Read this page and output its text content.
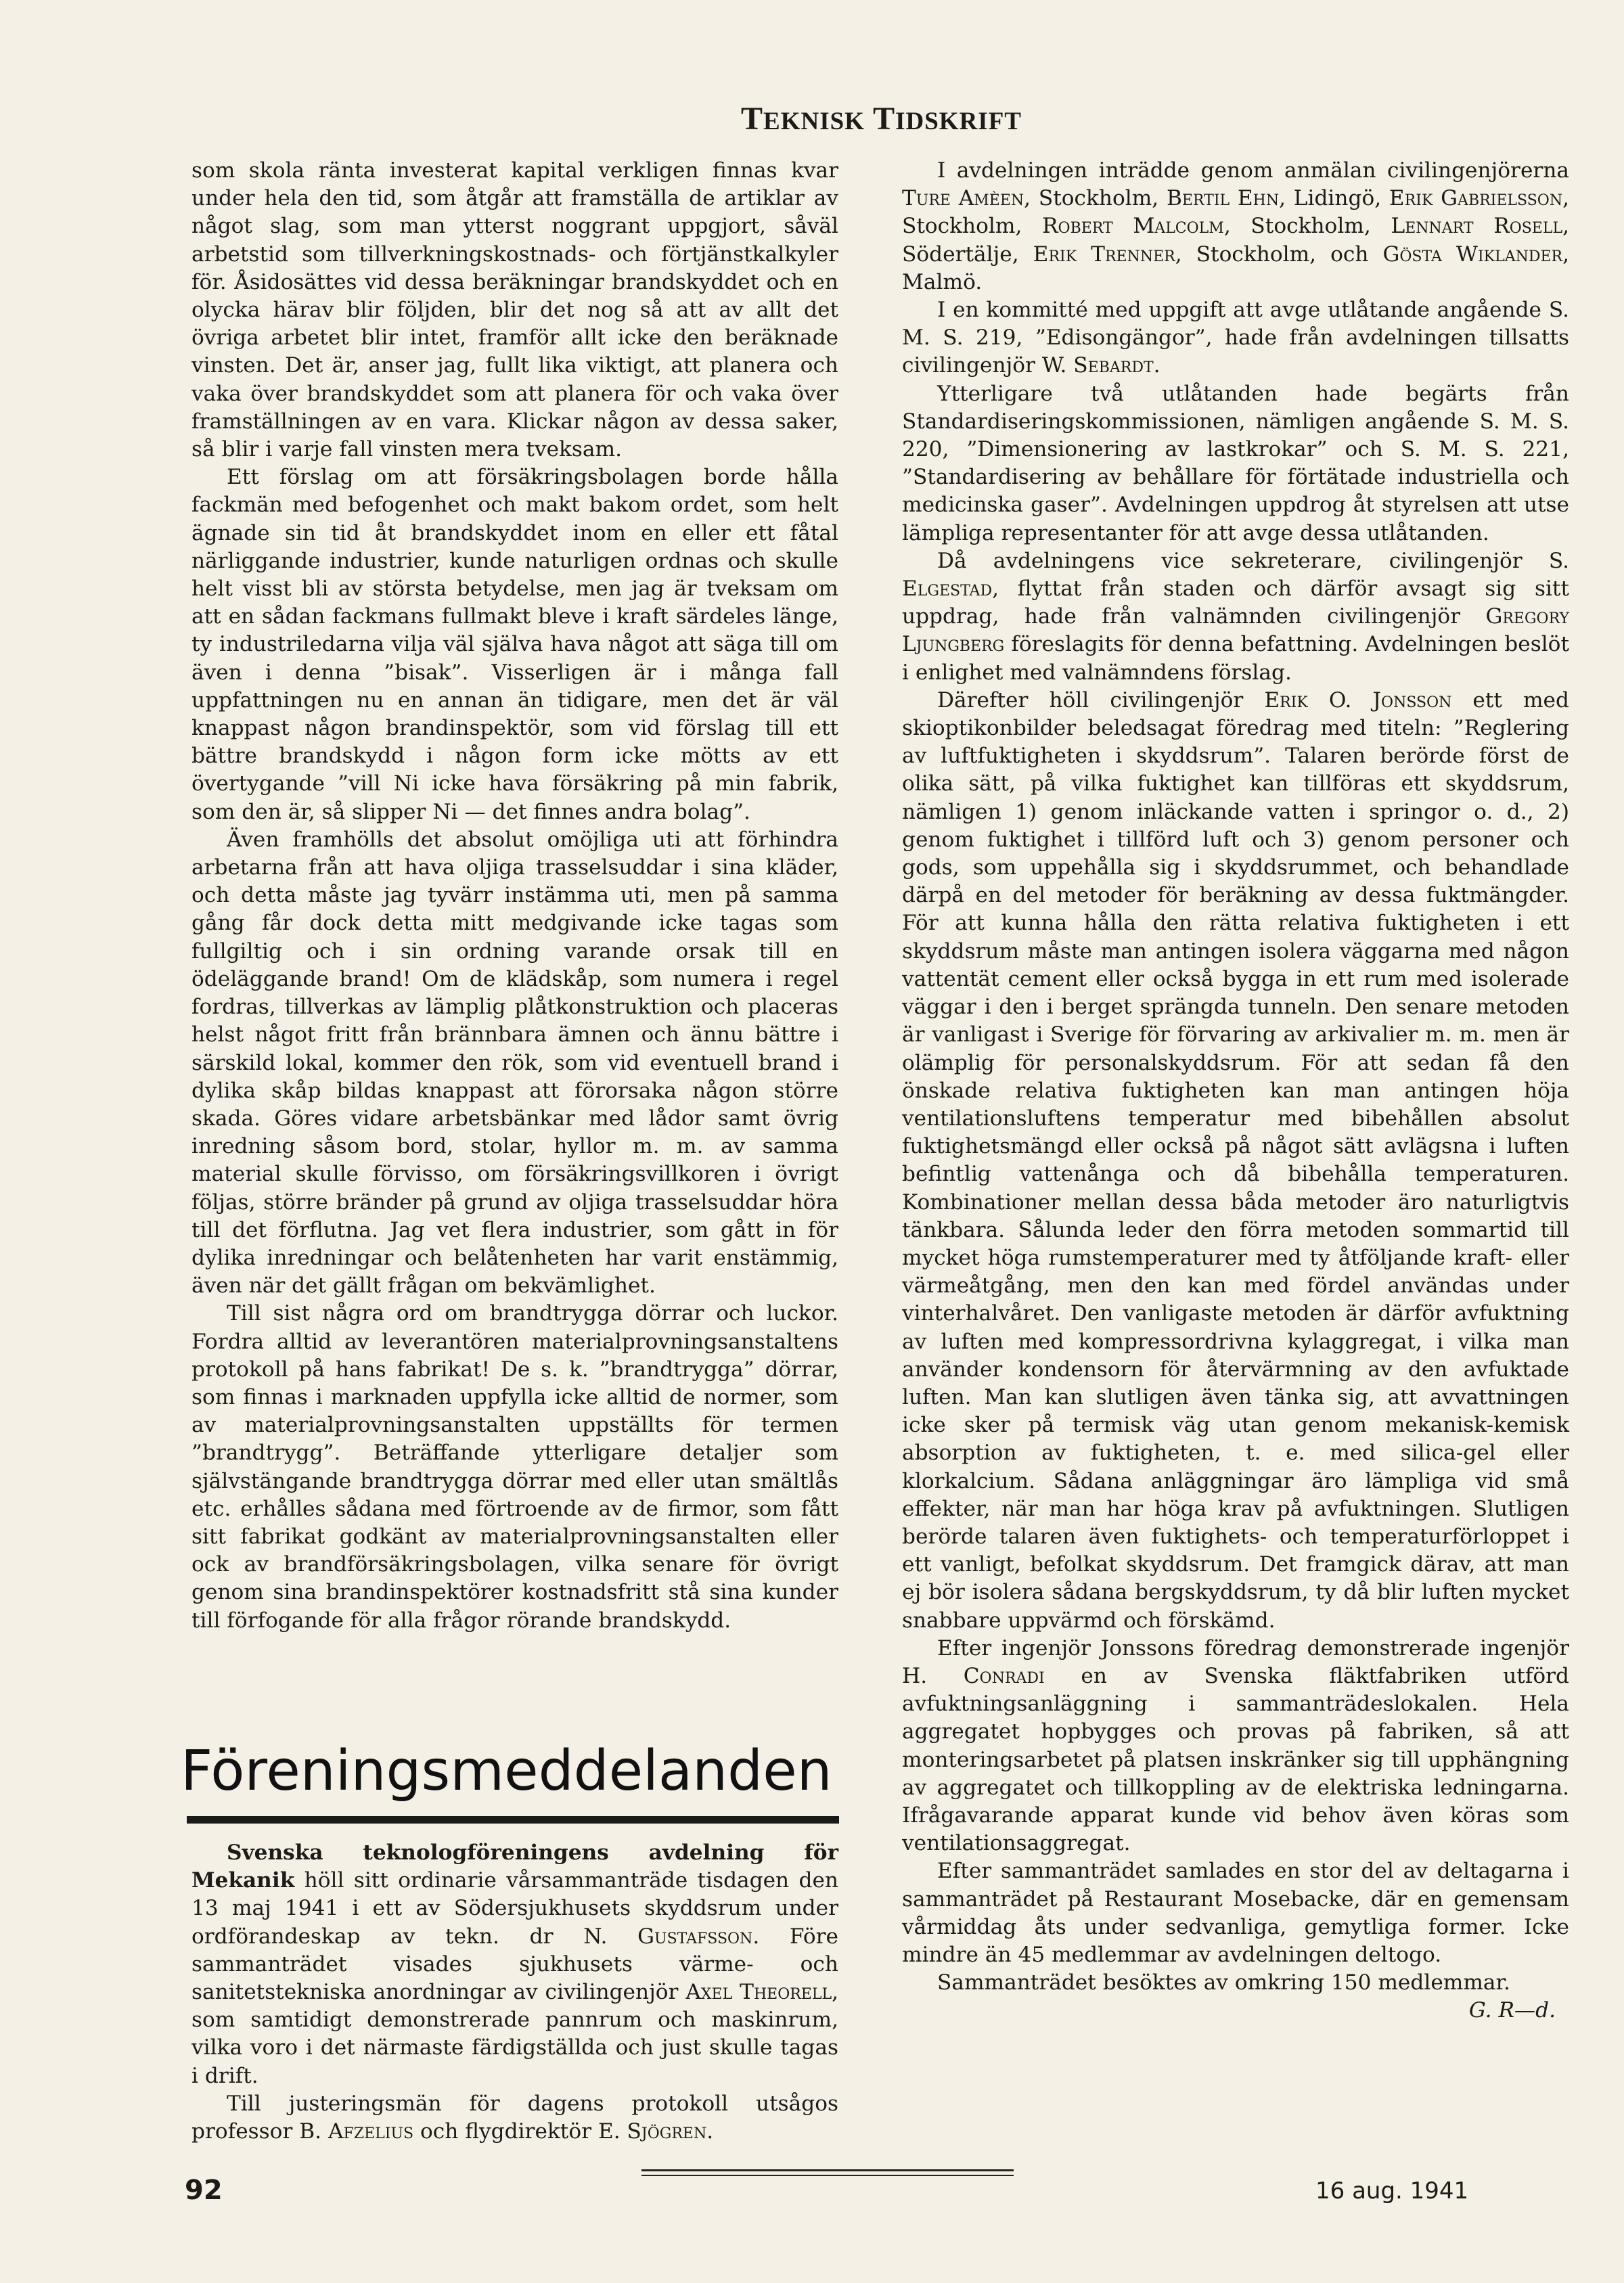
TEKNISK TIDSKRIFT

som skola ränta investerat kapital verkligen finnas kvar under hela den tid, som åtgår att framställa de artiklar av något slag, som man ytterst noggrant uppgjort, såväl arbetstid som tillverkningskostnads- och förtjänstkalkyler för. Åsidosättes vid dessa beräkningar brandskyddet och en olycka härav blir följden, blir det nog så att av allt det övriga arbetet blir intet, framför allt icke den beräknade vinsten. Det är, anser jag, fullt lika viktigt, att planera och vaka över brandskyddet som att planera för och vaka över framställningen av en vara. Klickar någon av dessa saker, så blir i varje fall vinsten mera tveksam.

Ett förslag om att försäkringsbolagen borde hålla fackmän med befogenhet och makt bakom ordet, som helt ägnade sin tid åt brandskyddet inom en eller ett fåtal närliggande industrier, kunde naturligen ordnas och skulle helt visst bli av största betydelse, men jag är tveksam om att en sådan fackmans fullmakt bleve i kraft särdeles länge, ty industriledarna vilja väl själva hava något att säga till om även i denna ”bisak”. Visserligen är i många fall uppfattningen nu en annan än tidigare, men det är väl knappast någon brandinspektör, som vid förslag till ett bättre brandskydd i någon form icke mötts av ett övertygande ”vill Ni icke hava försäkring på min fabrik, som den är, så slipper Ni — det finnes andra bolag”.

Även framhölls det absolut omöjliga uti att förhindra arbetarna från att hava oljiga trasselsuddar i sina kläder, och detta måste jag tyvärr instämma uti, men på samma gång får dock detta mitt medgivande icke tagas som fullgiltig och i sin ordning varande orsak till en ödeläggande brand! Om de klädskåp, som numera i regel fordras, tillverkas av lämplig plåtkonstruktion och placeras helst något fritt från brännbara ämnen och ännu bättre i särskild lokal, kommer den rök, som vid eventuell brand i dylika skåp bildas knappast att förorsaka någon större skada. Göres vidare arbetsbänkar med lådor samt övrig inredning såsom bord, stolar, hyllor m. m. av samma material skulle förvisso, om försäkringsvillkoren i övrigt följas, större bränder på grund av oljiga trasselsuddar höra till det förflutna. Jag vet flera industrier, som gått in för dylika inredningar och belåtenheten har varit enstämmig, även när det gällt frågan om bekvämlighet.

Till sist några ord om brandtrygga dörrar och luckor. Fordra alltid av leverantören materialprovningsanstaltens protokoll på hans fabrikat! De s. k. ”brandtrygga” dörrar, som finnas i marknaden uppfylla icke alltid de normer, som av materialprovningsanstalten uppställts för termen ”brandtrygg”. Beträffande ytterligare detaljer som självstängande brandtrygga dörrar med eller utan smältlås etc. erhålles sådana med förtroende av de firmor, som fått sitt fabrikat godkänt av materialprovningsanstalten eller ock av brandförsäkringsbolagen, vilka senare för övrigt genom sina brandinspektörer kostnadsfritt stå sina kunder till förfogande för alla frågor rörande brandskydd.

Föreningsmeddelanden

Svenska teknologföreningens avdelning för Mekanik höll sitt ordinarie vårsammanträde tisdagen den 13 maj 1941 i ett av Södersjukhusets skyddsrum under ordförandeskap av tekn. dr N. Gustafsson. Före sammanträdet visades sjukhusets värme- och sanitetstekniska anordningar av civilingenjör Axel Theorell, som samtidigt demonstrerade pannrum och maskinrum, vilka voro i det närmaste färdigställda och just skulle tagas i drift.

Till justeringsmän för dagens protokoll utsågos professor B. Afzelius och flygdirektör E. Sjögren.

I avdelningen inträdde genom anmälan civilingenjörerna Ture Amèen, Stockholm, Bertil Ehn, Lidingö, Erik Gabrielsson, Stockholm, Robert Malcolm, Stockholm, Lennart Rosell, Södertälje, Erik Trenner, Stockholm, och Gösta Wiklander, Malmö.

I en kommitté med uppgift att avge utlåtande angående S. M. S. 219, ”Edisongängor”, hade från avdelningen tillsatts civilingenjör W. Sebardt.

Ytterligare två utlåtanden hade begärts från Standardiseringskommissionen, nämligen angående S. M. S. 220, ”Dimensionering av lastkrokar” och S. M. S. 221, ”Standardisering av behållare för förtätade industriella och medicinska gaser”. Avdelningen uppdrog åt styrelsen att utse lämpliga representanter för att avge dessa utlåtanden.

Då avdelningens vice sekreterare, civilingenjör S. Elgestad, flyttat från staden och därför avsagt sig sitt uppdrag, hade från valnämnden civilingenjör Gregory Ljungberg föreslagits för denna befattning. Avdelningen beslöt i enlighet med valnämndens förslag.

Därefter höll civilingenjör Erik O. Jonsson ett med skioptikonbilder beledsagat föredrag med titeln: ”Reglering av luftfuktigheten i skyddsrum”. Talaren berörde först de olika sätt, på vilka fuktighet kan tillföras ett skyddsrum, nämligen 1) genom inläckande vatten i springor o. d., 2) genom fuktighet i tillförd luft och 3) genom personer och gods, som uppehålla sig i skyddsrummet, och behandlade därpå en del metoder för beräkning av dessa fuktmängder. För att kunna hålla den rätta relativa fuktigheten i ett skyddsrum måste man antingen isolera väggarna med någon vattentät cement eller också bygga in ett rum med isolerade väggar i den i berget sprängda tunneln. Den senare metoden är vanligast i Sverige för förvaring av arkivalier m. m. men är olämplig för personalskyddsrum. För att sedan få den önskade relativa fuktigheten kan man antingen höja ventilationsluftens temperatur med bibehållen absolut fuktighetsmängd eller också på något sätt avlägsna i luften befintlig vattenånga och då bibehålla temperaturen. Kombinationer mellan dessa båda metoder äro naturligtvis tänkbara. Sålunda leder den förra metoden sommartid till mycket höga rumstemperaturer med ty åtföljande kraft- eller värmeåtgång, men den kan med fördel användas under vinterhalvåret. Den vanligaste metoden är därför avfuktning av luften med kompressordrivna kylaggregat, i vilka man använder kondensorn för återvärmning av den avfuktade luften. Man kan slutligen även tänka sig, att avvattningen icke sker på termisk väg utan genom mekanisk-kemisk absorption av fuktigheten, t. e. med silica-gel eller klorkalcium. Sådana anläggningar äro lämpliga vid små effekter, när man har höga krav på avfuktningen. Slutligen berörde talaren även fuktighets- och temperaturförloppet i ett vanligt, befolkat skyddsrum. Det framgick därav, att man ej bör isolera sådana bergskyddsrum, ty då blir luften mycket snabbare uppvärmd och förskämd.

Efter ingenjör Jonssons föredrag demonstrerade ingenjör H. Conradi en av Svenska fläktfabriken utförd avfuktningsanläggning i sammanträdeslokalen. Hela aggregatet hopbygges och provas på fabriken, så att monteringsarbetet på platsen inskränker sig till upphängning av aggregatet och tillkoppling av de elektriska ledningarna. Ifrågavarande apparat kunde vid behov även köras som ventilationsaggregat.

Efter sammanträdet samlades en stor del av deltagarna i sammanträdet på Restaurant Mosebacke, där en gemensam vårmiddag åts under sedvanliga, gemytliga former. Icke mindre än 45 medlemmar av avdelningen deltogo.

Sammanträdet besöktes av omkring 150 medlemmar.
G. R—d.

92	16 aug. 1941
